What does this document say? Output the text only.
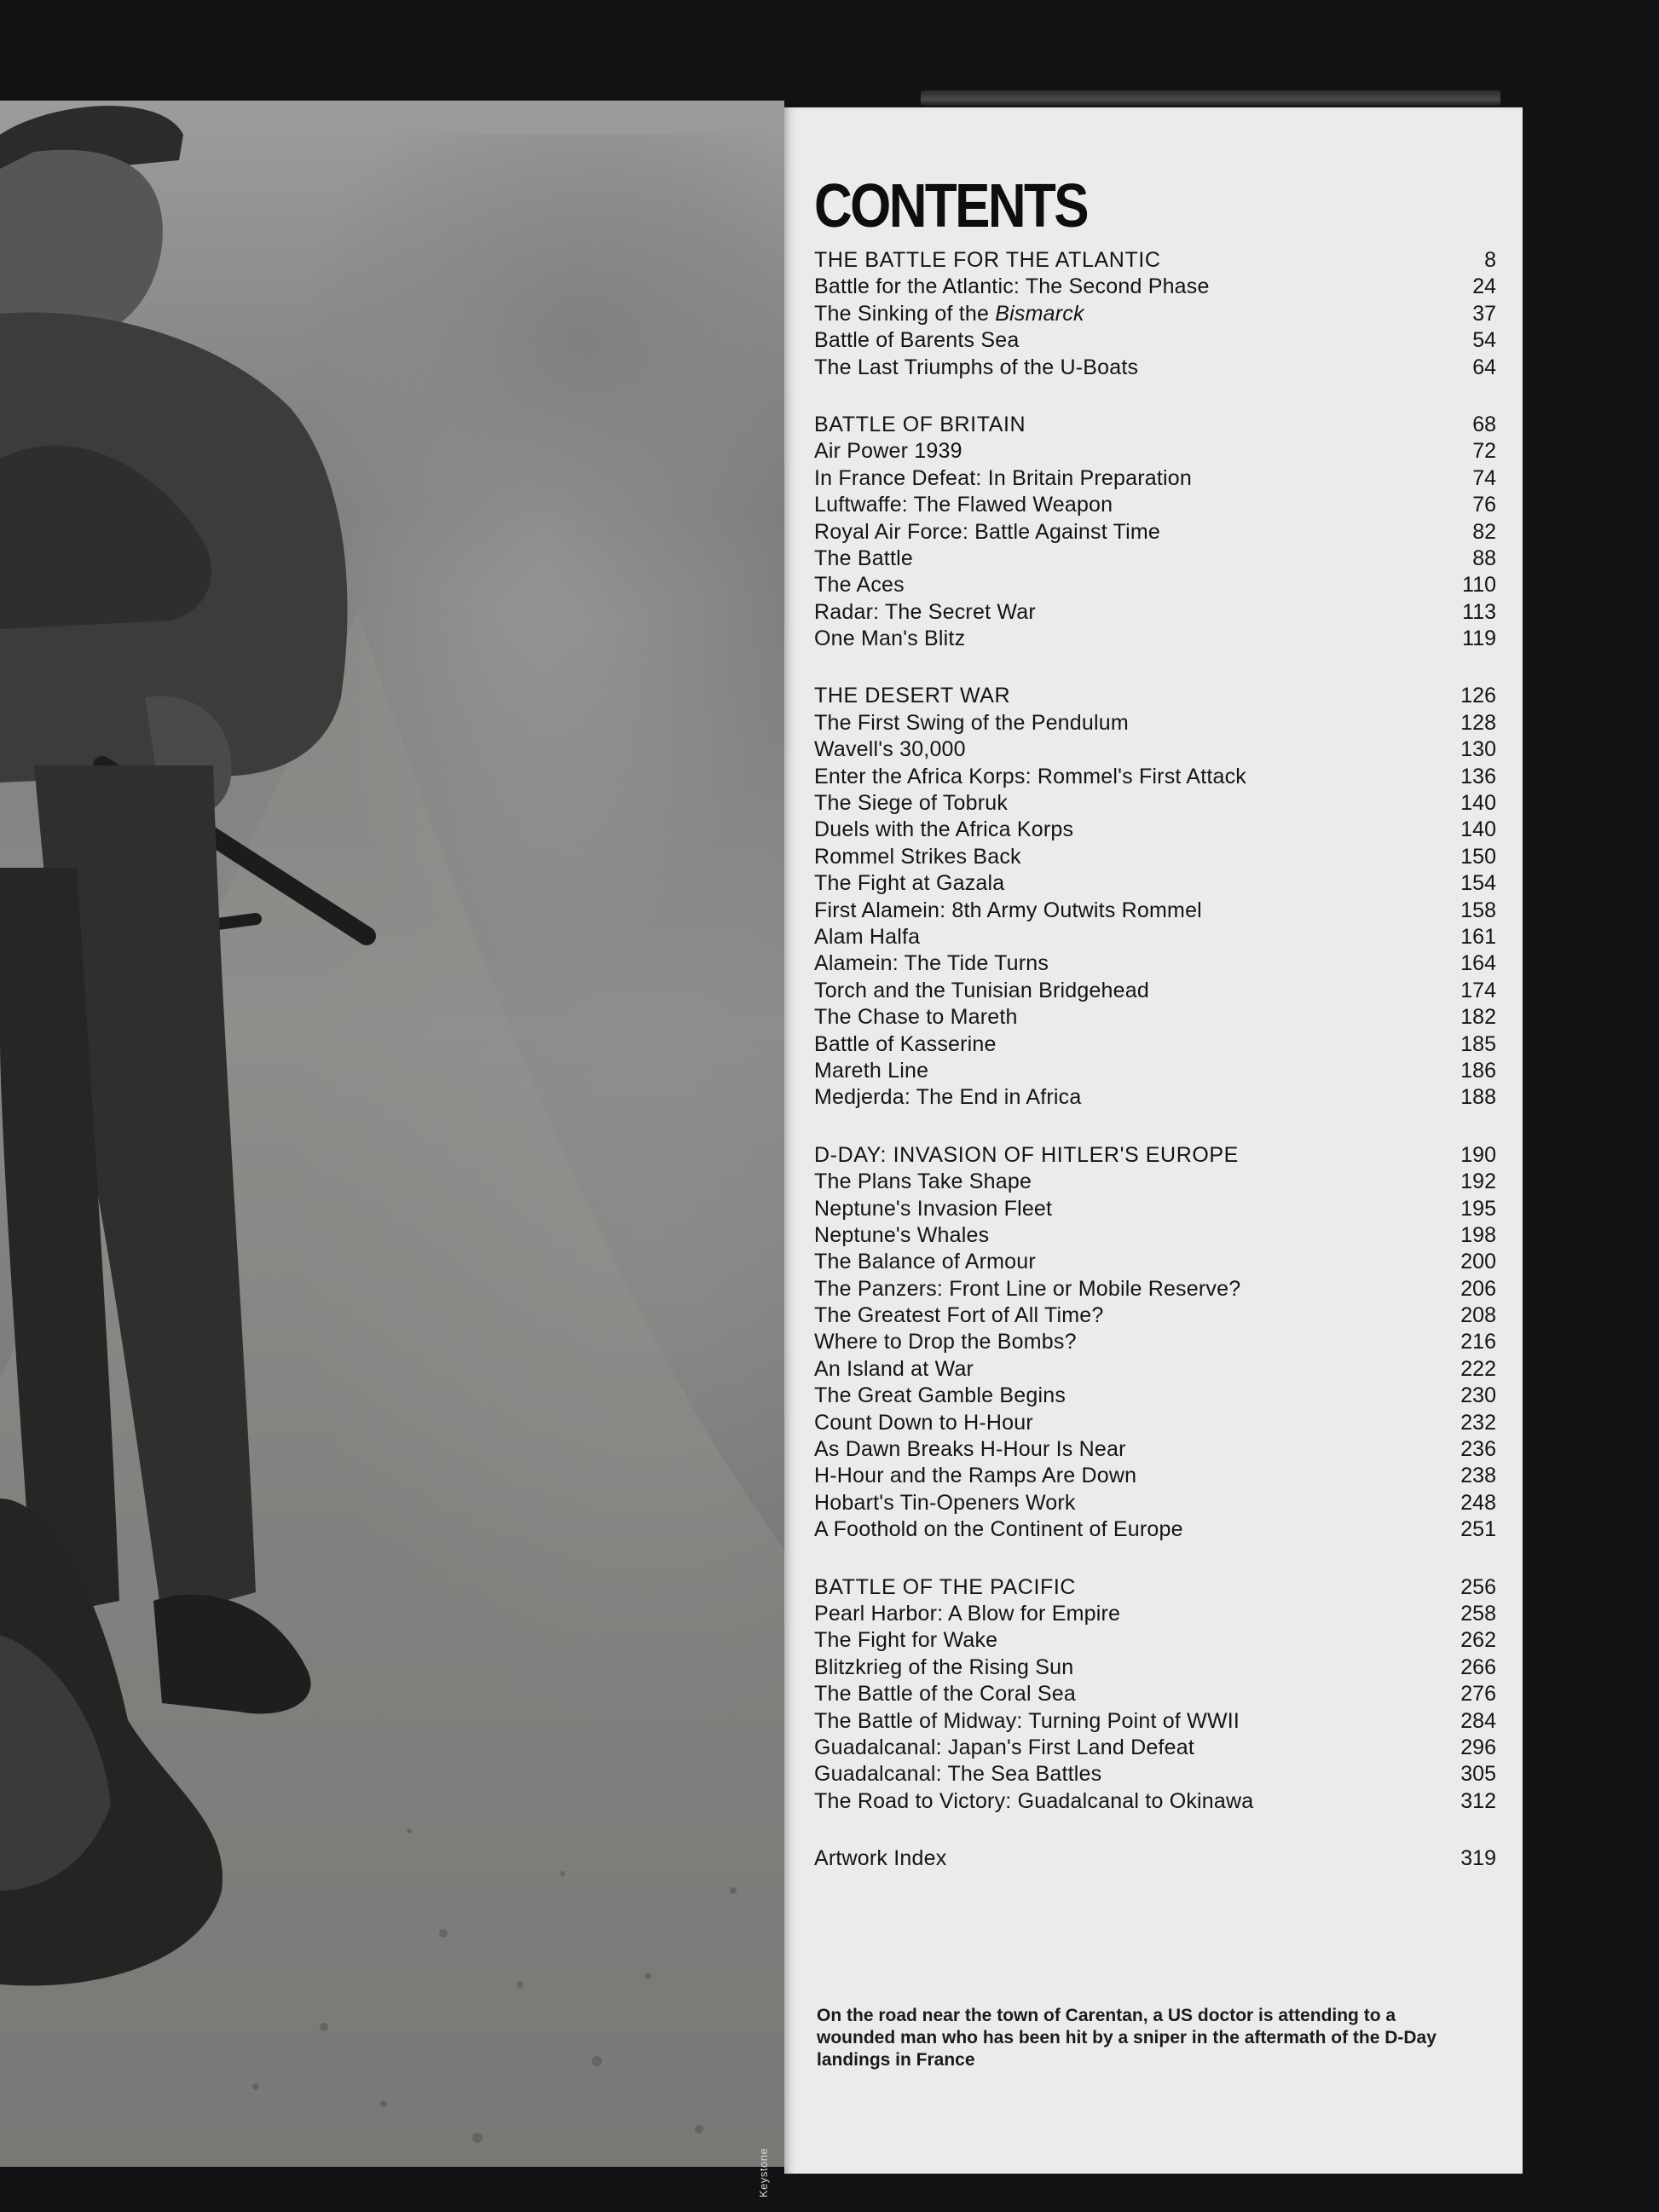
Keystone
CONTENTS
THE BATTLE FOR THE ATLANTIC	8
Battle for the Atlantic: The Second Phase	24
The Sinking of the Bismarck	37
Battle of Barents Sea	54
The Last Triumphs of the U-Boats	64
BATTLE OF BRITAIN	68
Air Power 1939	72
In France Defeat: In Britain Preparation	74
Luftwaffe: The Flawed Weapon	76
Royal Air Force: Battle Against Time	82
The Battle	88
The Aces	110
Radar: The Secret War	113
One Man's Blitz	119
THE DESERT WAR	126
The First Swing of the Pendulum	128
Wavell's 30,000	130
Enter the Africa Korps: Rommel's First Attack	136
The Siege of Tobruk	140
Duels with the Africa Korps	140
Rommel Strikes Back	150
The Fight at Gazala	154
First Alamein: 8th Army Outwits Rommel	158
Alam Halfa	161
Alamein: The Tide Turns	164
Torch and the Tunisian Bridgehead	174
The Chase to Mareth	182
Battle of Kasserine	185
Mareth Line	186
Medjerda: The End in Africa	188
D-DAY: INVASION OF HITLER'S EUROPE	190
The Plans Take Shape	192
Neptune's Invasion Fleet	195
Neptune's Whales	198
The Balance of Armour	200
The Panzers: Front Line or Mobile Reserve?	206
The Greatest Fort of All Time?	208
Where to Drop the Bombs?	216
An Island at War	222
The Great Gamble Begins	230
Count Down to H-Hour	232
As Dawn Breaks H-Hour Is Near	236
H-Hour and the Ramps Are Down	238
Hobart's Tin-Openers Work	248
A Foothold on the Continent of Europe	251
BATTLE OF THE PACIFIC	256
Pearl Harbor: A Blow for Empire	258
The Fight for Wake	262
Blitzkrieg of the Rising Sun	266
The Battle of the Coral Sea	276
The Battle of Midway: Turning Point of WWII	284
Guadalcanal: Japan's First Land Defeat	296
Guadalcanal: The Sea Battles	305
The Road to Victory: Guadalcanal to Okinawa	312
Artwork Index	319

On the road near the town of Carentan, a US doctor is attending to a wounded man who has been hit by a sniper in the aftermath of the D-Day landings in France
